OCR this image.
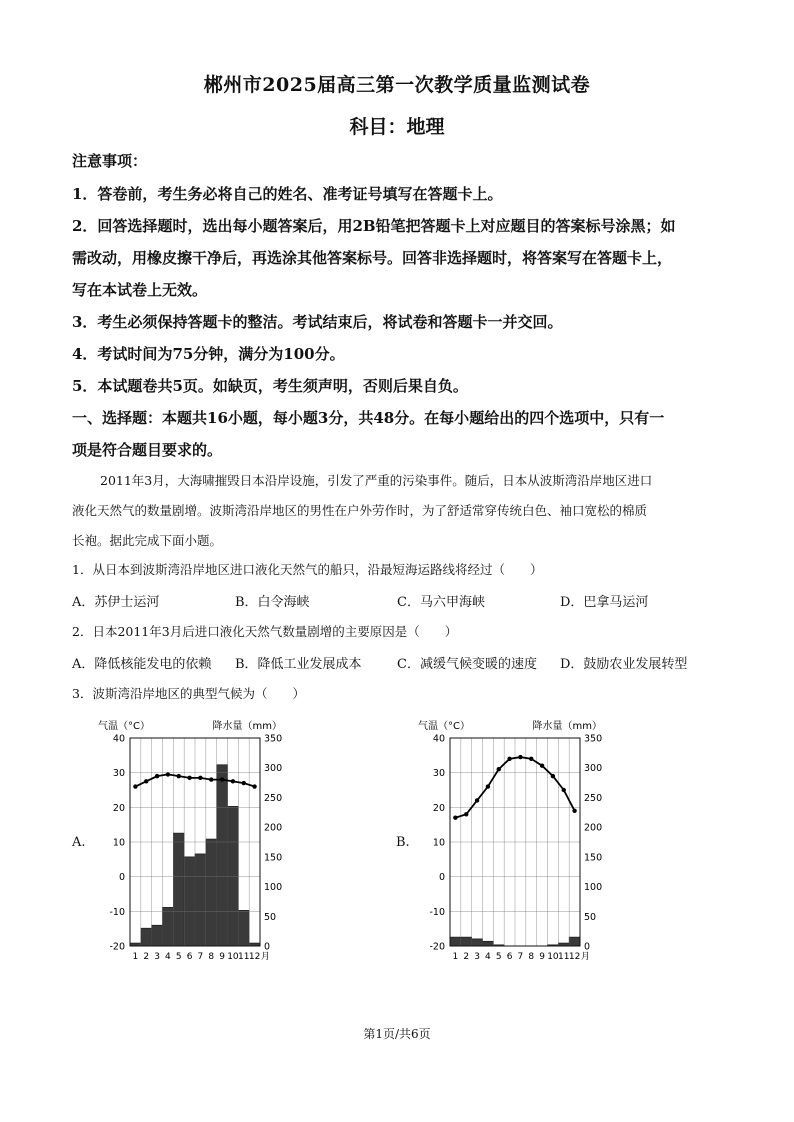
郴州市2025届高三第一次教学质量监测试卷
科目：地理
注意事项：
1．答卷前，考生务必将自己的姓名、准考证号填写在答题卡上。
2．回答选择题时，选出每小题答案后，用2B铅笔把答题卡上对应题目的答案标号涂黑；如
需改动，用橡皮擦干净后，再选涂其他答案标号。回答非选择题时，将答案写在答题卡上，
写在本试卷上无效。
3．考生必须保持答题卡的整洁。考试结束后，将试卷和答题卡一并交回。
4．考试时间为75分钟，满分为100分。
5．本试题卷共5页。如缺页，考生须声明，否则后果自负。
一、选择题：本题共16小题，每小题3分，共48分。在每小题给出的四个选项中，只有一
项是符合题目要求的。
2011年3月，大海啸摧毁日本沿岸设施，引发了严重的污染事件。随后，日本从波斯湾沿岸地区进口
液化天然气的数量剧增。波斯湾沿岸地区的男性在户外劳作时，为了舒适常穿传统白色、袖口宽松的棉质
长袍。据此完成下面小题。
1．从日本到波斯湾沿岸地区进口液化天然气的船只，沿最短海运路线将经过（　　）
A．苏伊士运河	B．白令海峡	C．马六甲海峡	D．巴拿马运河
2．日本2011年3月后进口液化天然气数量剧增的主要原因是（　　）
A．降低核能发电的依赖 B．降低工业发展成本	C．减缓气候变暖的速度 D．鼓励农业发展转型
3．波斯湾沿岸地区的典型气候为（　　）
A.	B.
气温（°C）	降水量（mm）
40
30
20
10
0
-10
-20
350
300
250
200
150
100
50
0
1 2 3 4 5 6 7 8 9 10 11 12 月
气温（°C）	降水量（mm）
40
30
20
10
0
-10
-20
350
300
250
200
150
100
50
0
1 2 3 4 5 6 7 8 9 10 11 12 月
第1页/共6页
